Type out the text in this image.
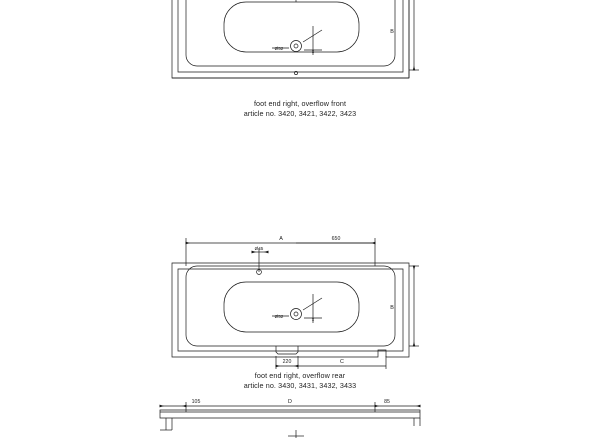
x
Ø52
B
A	650
Ø45
B
220	C
Ø52
x
105	D	85
foot end right, overflow front
article no. 3420, 3421, 3422, 3423
foot end right, overflow rear
article no. 3430, 3431, 3432, 3433
